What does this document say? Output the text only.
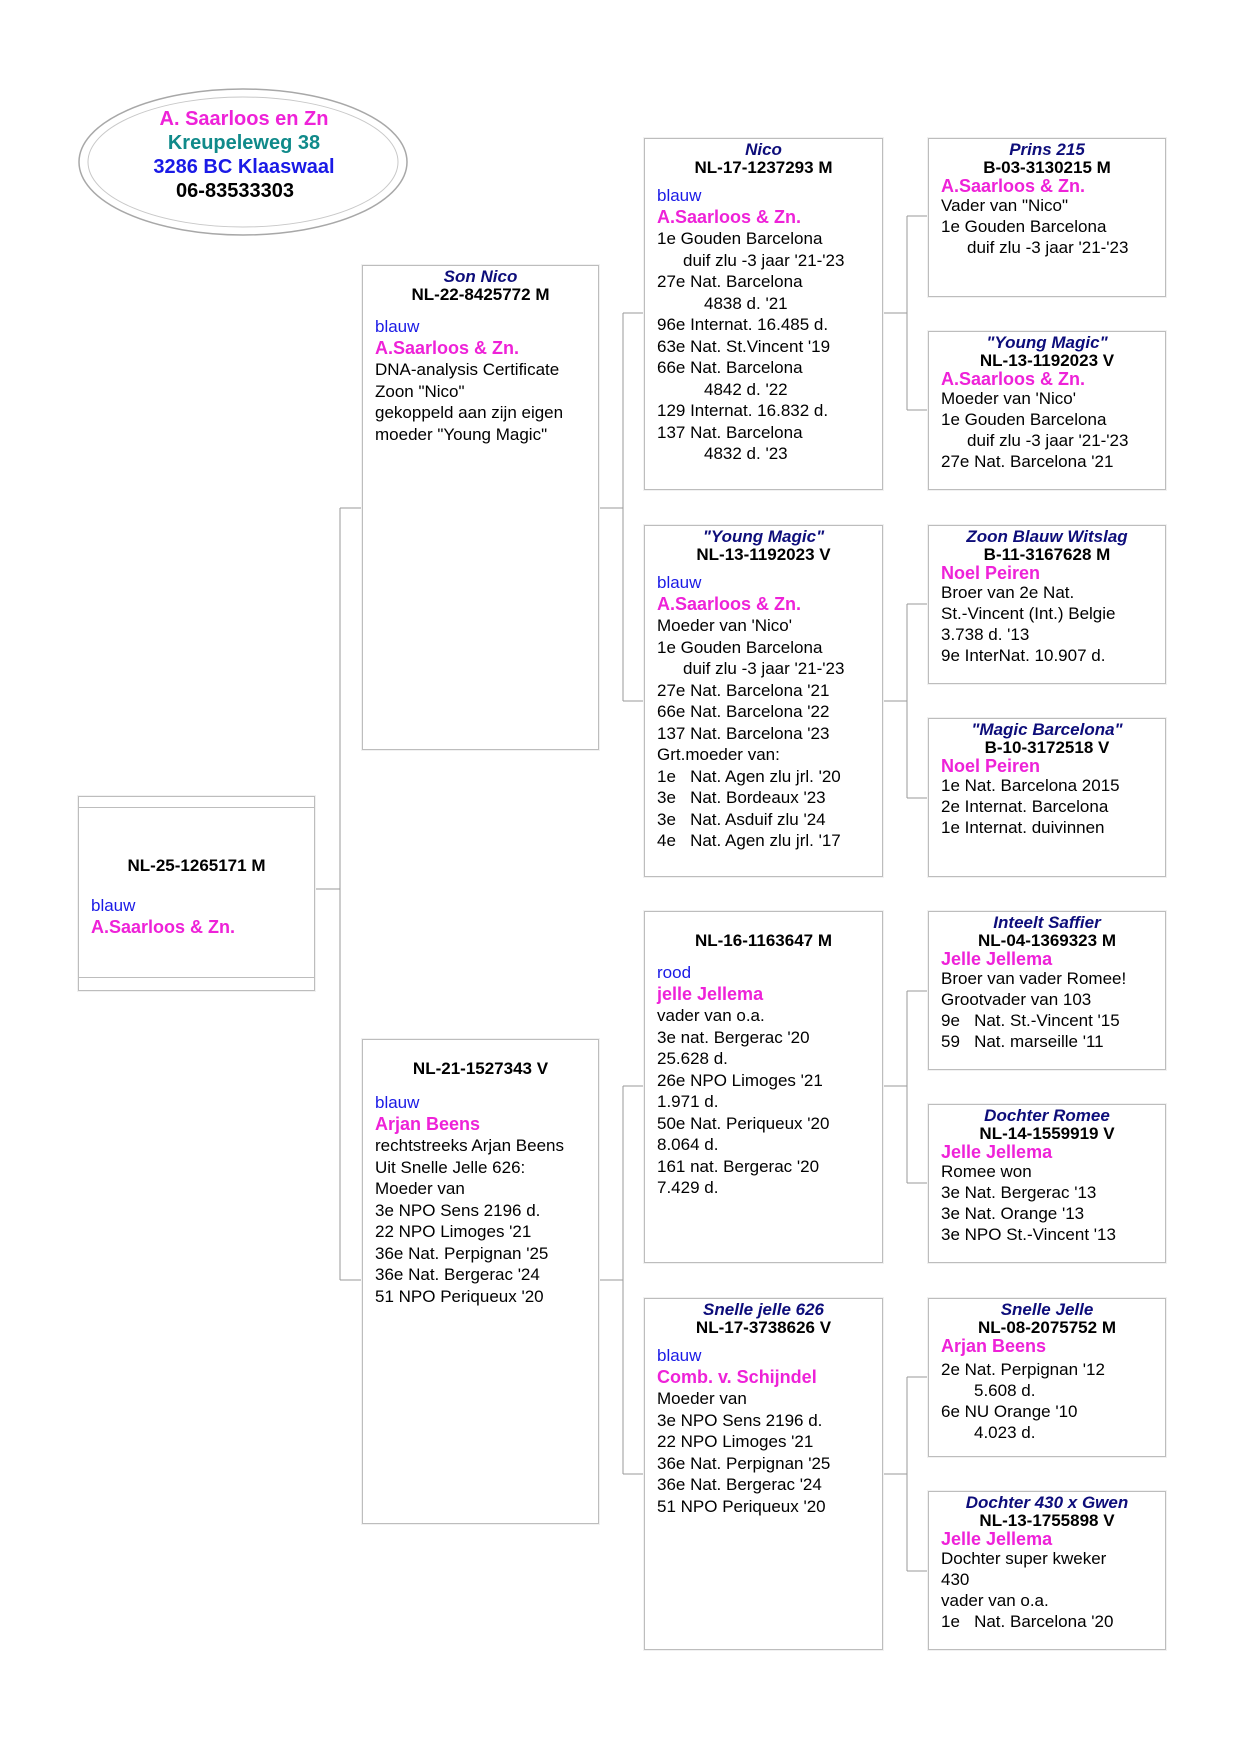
A. Saarloos en Zn
Kreupeleweg 38
3286 BC Klaaswaal
06-83533303
NL-25-1265171 M
blauw
A.Saarloos & Zn.
Son Nico
NL-22-8425772 M
blauw
A.Saarloos & Zn.
DNA-analysis Certificate
Zoon "Nico"
gekoppeld aan zijn eigen
moeder "Young Magic"
NL-21-1527343 V
blauw
Arjan Beens
rechtstreeks Arjan Beens
Uit Snelle Jelle 626:
Moeder van
3e NPO Sens 2196 d.
22 NPO Limoges '21
36e Nat. Perpignan '25
36e Nat. Bergerac '24
51 NPO Periqueux '20
Nico
NL-17-1237293 M
blauw
A.Saarloos & Zn.
1e Gouden Barcelona
duif zlu -3 jaar '21-'23
27e Nat. Barcelona
4838 d. '21
96e Internat. 16.485 d.
63e Nat. St.Vincent '19
66e Nat. Barcelona
4842 d. '22
129 Internat. 16.832 d.
137 Nat. Barcelona
4832 d. '23
"Young Magic"
NL-13-1192023 V
blauw
A.Saarloos & Zn.
Moeder van 'Nico'
1e Gouden Barcelona
duif zlu -3 jaar '21-'23
27e Nat. Barcelona '21
66e Nat. Barcelona '22
137 Nat. Barcelona '23
Grt.moeder van:
1e   Nat. Agen zlu jrl. '20
3e   Nat. Bordeaux '23
3e   Nat. Asduif zlu '24
4e   Nat. Agen zlu jrl. '17
NL-16-1163647 M
rood
jelle Jellema
vader van o.a.
3e nat. Bergerac '20
25.628 d.
26e NPO Limoges '21
1.971 d.
50e Nat. Periqueux '20
8.064 d.
161 nat. Bergerac '20
7.429 d.
Snelle jelle 626
NL-17-3738626 V
blauw
Comb. v. Schijndel
Moeder van
3e NPO Sens 2196 d.
22 NPO Limoges '21
36e Nat. Perpignan '25
36e Nat. Bergerac '24
51 NPO Periqueux '20
Prins 215
B-03-3130215 M
A.Saarloos & Zn.
Vader van "Nico"
1e Gouden Barcelona
duif zlu -3 jaar '21-'23
"Young Magic"
NL-13-1192023 V
A.Saarloos & Zn.
Moeder van 'Nico'
1e Gouden Barcelona
duif zlu -3 jaar '21-'23
27e Nat. Barcelona '21
Zoon Blauw Witslag
B-11-3167628 M
Noel Peiren
Broer van 2e Nat.
St.-Vincent (Int.) Belgie
3.738 d. '13
9e InterNat. 10.907 d.
"Magic Barcelona"
B-10-3172518 V
Noel Peiren
1e Nat. Barcelona 2015
2e Internat. Barcelona
1e Internat. duivinnen
Inteelt Saffier
NL-04-1369323 M
Jelle Jellema
Broer van vader Romee!
Grootvader van 103
9e   Nat. St.-Vincent '15
59   Nat. marseille '11
Dochter Romee
NL-14-1559919 V
Jelle Jellema
Romee won
3e Nat. Bergerac '13
3e Nat. Orange '13
3e NPO St.-Vincent '13
Snelle Jelle
NL-08-2075752 M
Arjan Beens
2e Nat. Perpignan '12
5.608 d.
6e NU Orange '10
4.023 d.
Dochter 430 x Gwen
NL-13-1755898 V
Jelle Jellema
Dochter super kweker
430
vader van o.a.
1e   Nat. Barcelona '20
